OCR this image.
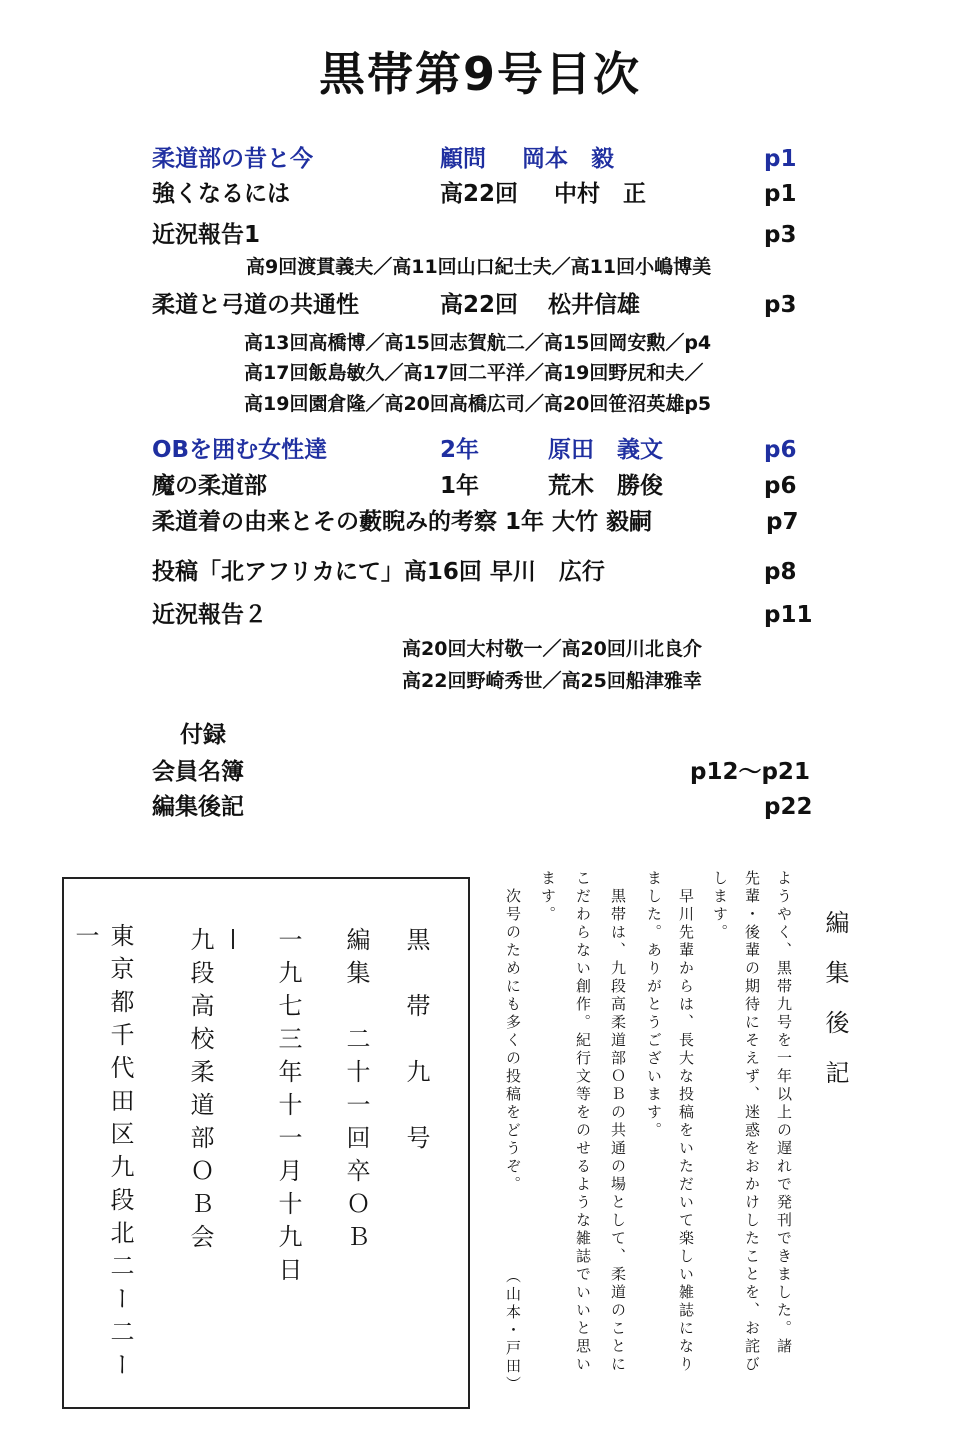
黒帯第9号目次
柔道部の昔と今	顧問 岡本　毅	p1
強くなるには	高22回 中村　正	p1
近況報告1	p3
高9回渡貫義夫／高11回山口紀士夫／高11回小嶋博美
柔道と弓道の共通性	高22回 松井信雄	p3
高13回高橋博／高15回志賀航二／高15回岡安勲／p4
高17回飯島敏久／高17回二平洋／高19回野尻和夫／
高19回園倉隆／高20回高橋広司／高20回笹沼英雄p5
OBを囲む女性達	2年	原田　義文	p6
魔の柔道部	1年	荒木　勝俊	p6
柔道着の由来とその藪睨み的考察 1年 大竹 毅嗣	p7
投稿「北アフリカにて」高16回 早川　広行	p8
近況報告２	p11
高20回大村敬一／高20回川北良介
高22回野崎秀世／高25回船津雅幸
付録
会員名簿	p12～p21
編集後記	p22
黒　帯　九　号
編集　二十一回卒ＯＢ
一九七三年十一月十九日
九段高校柔道部ＯＢ会
東京都千代田区九段北二ー二ー一	編集後記
ようやく、黒帯九号を一年以上の遅れで発刊できました。諸
先輩・後輩の期待にそえず、迷惑をおかけしたことを、お詫び
します。
早川先輩からは、長大な投稿をいただいて楽しい雑誌になり
ました。ありがとうございます。
黒帯は、九段高柔道部ＯＢの共通の場として、柔道のことに
こだわらない創作。紀行文等をのせるような雑誌でいいと思い
ます。
次号のためにも多くの投稿をどうぞ。
（山本・戸田）
